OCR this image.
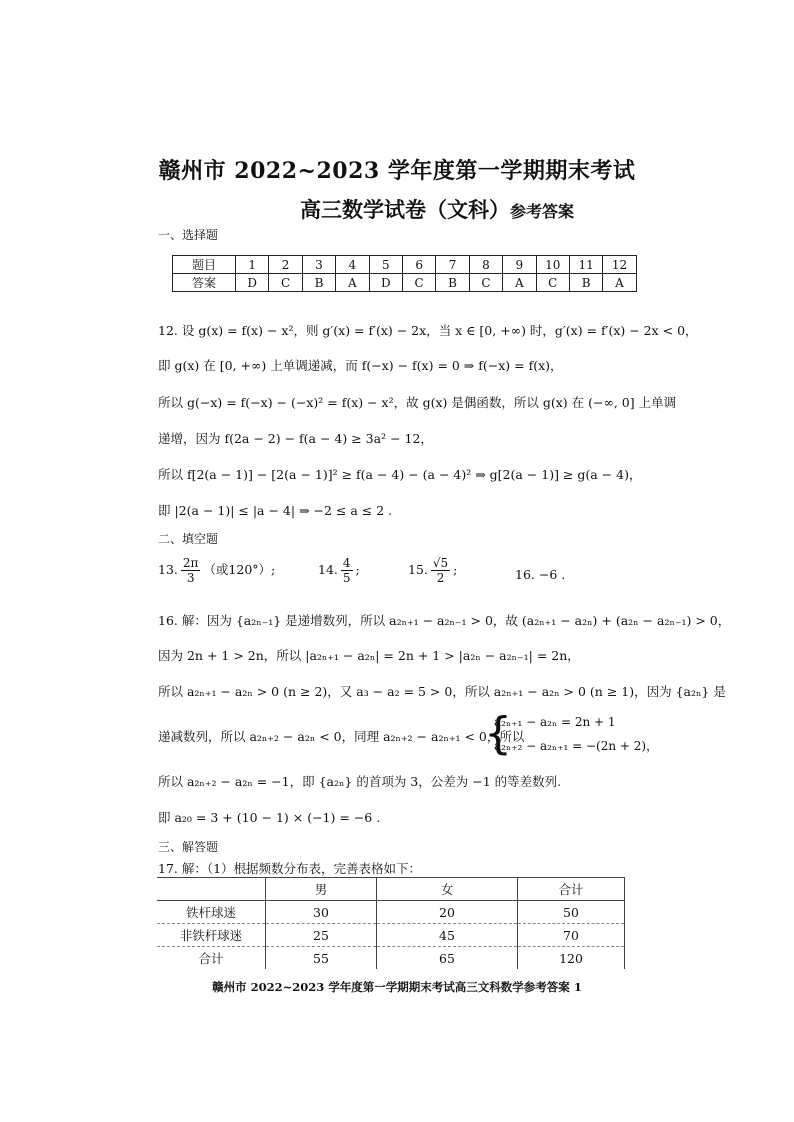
赣州市 2022~2023 学年度第一学期期末考试
高三数学试卷（文科）参考答案
一、选择题
题目	1	2	3	4	5	6	7	8	9	10	11	12
答案	D	C	B	A	D	C	B	C	A	C	B	A
12. 设 g(x) = f(x) − x²，则 g′(x) = f′(x) − 2x，当 x ∈ [0, +∞) 时，g′(x) = f′(x) − 2x < 0，
即 g(x) 在 [0, +∞) 上单调递减，而 f(−x) − f(x) = 0 ⇒ f(−x) = f(x)，
所以 g(−x) = f(−x) − (−x)² = f(x) − x²，故 g(x) 是偶函数，所以 g(x) 在 (−∞, 0] 上单调
递增，因为 f(2a − 2) − f(a − 4) ≥ 3a² − 12，
所以 f[2(a − 1)] − [2(a − 1)]² ≥ f(a − 4) − (a − 4)² ⇒ g[2(a − 1)] ≥ g(a − 4)，
即 |2(a − 1)| ≤ |a − 4| ⇒ −2 ≤ a ≤ 2 .
二、填空题
13. $\frac{2\pi}{3}$ （或120°）;	14. $\frac{4}{5}$ ;	15. $\frac{√5}{2}$ ;	16. −6 .
16. 解：因为 {a₂ₙ₋₁} 是递增数列，所以 a₂ₙ₊₁ − a₂ₙ₋₁ > 0，故 (a₂ₙ₊₁ − a₂ₙ) + (a₂ₙ − a₂ₙ₋₁) > 0，
因为 2n + 1 > 2n，所以 |a₂ₙ₊₁ − a₂ₙ| = 2n + 1 > |a₂ₙ − a₂ₙ₋₁| = 2n，
所以 a₂ₙ₊₁ − a₂ₙ > 0 (n ≥ 2)，又 a₃ − a₂ = 5 > 0，所以 a₂ₙ₊₁ − a₂ₙ > 0 (n ≥ 1)，因为 {a₂ₙ} 是
递减数列，所以 a₂ₙ₊₂ − a₂ₙ < 0，同理 a₂ₙ₊₂ − a₂ₙ₊₁ < 0，所以
{
a₂ₙ₊₁ − a₂ₙ = 2n + 1
a₂ₙ₊₂ − a₂ₙ₊₁ = −(2n + 2)，
所以 a₂ₙ₊₂ − a₂ₙ = −1，即 {a₂ₙ} 的首项为 3，公差为 −1 的等差数列.
即 a₂₀ = 3 + (10 − 1) × (−1) = −6 .
三、解答题
17. 解：（1）根据频数分布表，完善表格如下：
	男	女	合计
铁杆球迷	30	20	50
非铁杆球迷	25	45	70
合计	55	65	120
赣州市 2022~2023 学年度第一学期期末考试高三文科数学参考答案 1
